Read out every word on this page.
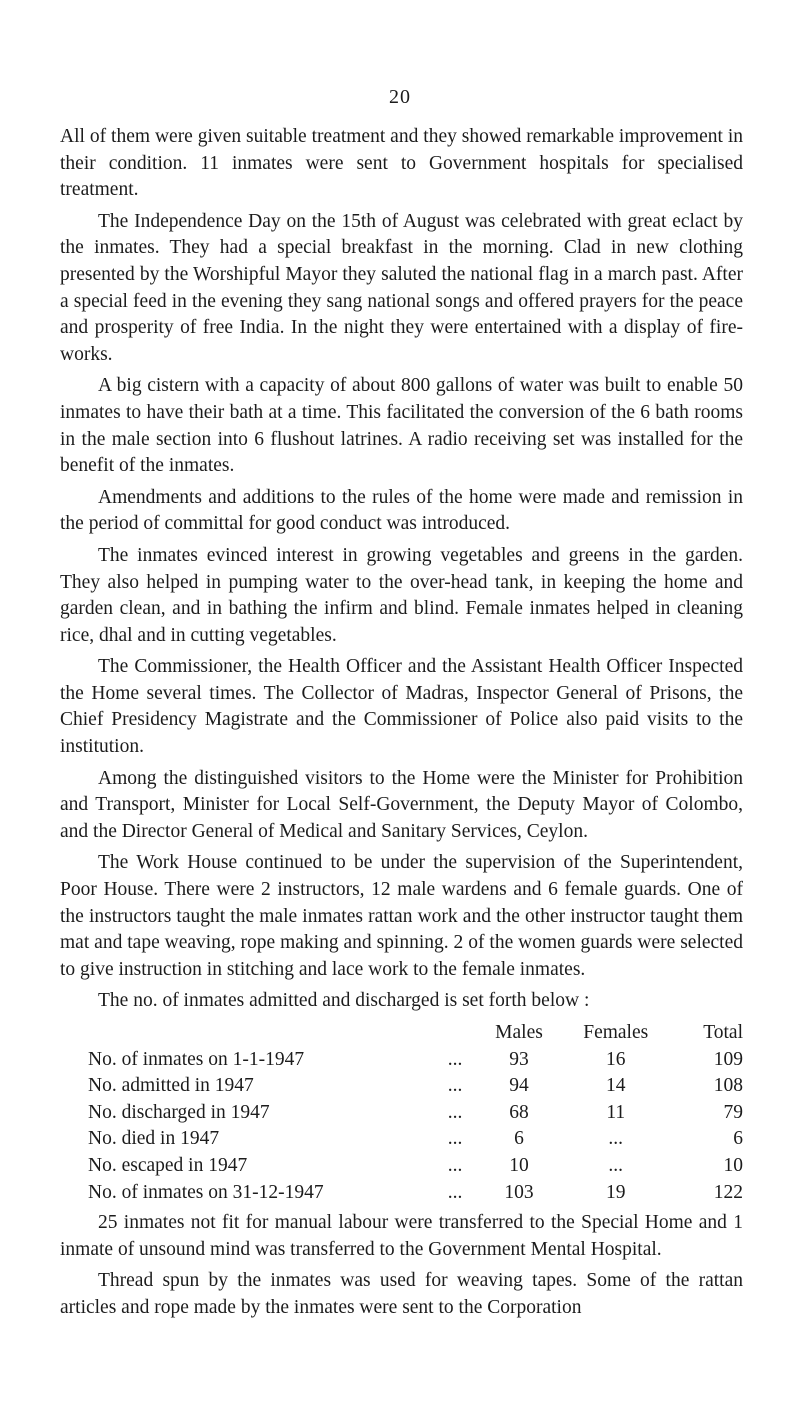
20

All of them were given suitable treatment and they showed remarkable improvement in their condition. 11 inmates were sent to Government hospitals for specialised treatment.

The Independence Day on the 15th of August was celebrated with great eclact by the inmates. They had a special breakfast in the morning. Clad in new clothing presented by the Worshipful Mayor they saluted the national flag in a march past. After a special feed in the evening they sang national songs and offered prayers for the peace and prosperity of free India. In the night they were entertained with a display of fire-works.

A big cistern with a capacity of about 800 gallons of water was built to enable 50 inmates to have their bath at a time. This facilitated the conversion of the 6 bath rooms in the male section into 6 flushout latrines. A radio receiving set was installed for the benefit of the inmates.

Amendments and additions to the rules of the home were made and remission in the period of committal for good conduct was introduced.

The inmates evinced interest in growing vegetables and greens in the garden. They also helped in pumping water to the over-head tank, in keeping the home and garden clean, and in bathing the infirm and blind. Female inmates helped in cleaning rice, dhal and in cutting vegetables.

The Commissioner, the Health Officer and the Assistant Health Officer Inspected the Home several times. The Collector of Madras, Inspector General of Prisons, the Chief Presidency Magistrate and the Commissioner of Police also paid visits to the institution.

Among the distinguished visitors to the Home were the Minister for Prohibition and Transport, Minister for Local Self-Government, the Deputy Mayor of Colombo, and the Director General of Medical and Sanitary Services, Ceylon.

The Work House continued to be under the supervision of the Superintendent, Poor House. There were 2 instructors, 12 male wardens and 6 female guards. One of the instructors taught the male inmates rattan work and the other instructor taught them mat and tape weaving, rope making and spinning. 2 of the women guards were selected to give instruction in stitching and lace work to the female inmates.

The no. of inmates admitted and discharged is set forth below :

		Males	Females	Total
No. of inmates on 1-1-1947	...	93	16	109
No. admitted in 1947	...	94	14	108
No. discharged in 1947	...	68	11	79
No. died in 1947	...	6	...	6
No. escaped in 1947	...	10	...	10
No. of inmates on 31-12-1947	...	103	19	122

25 inmates not fit for manual labour were transferred to the Special Home and 1 inmate of unsound mind was transferred to the Government Mental Hospital.

Thread spun by the inmates was used for weaving tapes. Some of the rattan articles and rope made by the inmates were sent to the Corporation
